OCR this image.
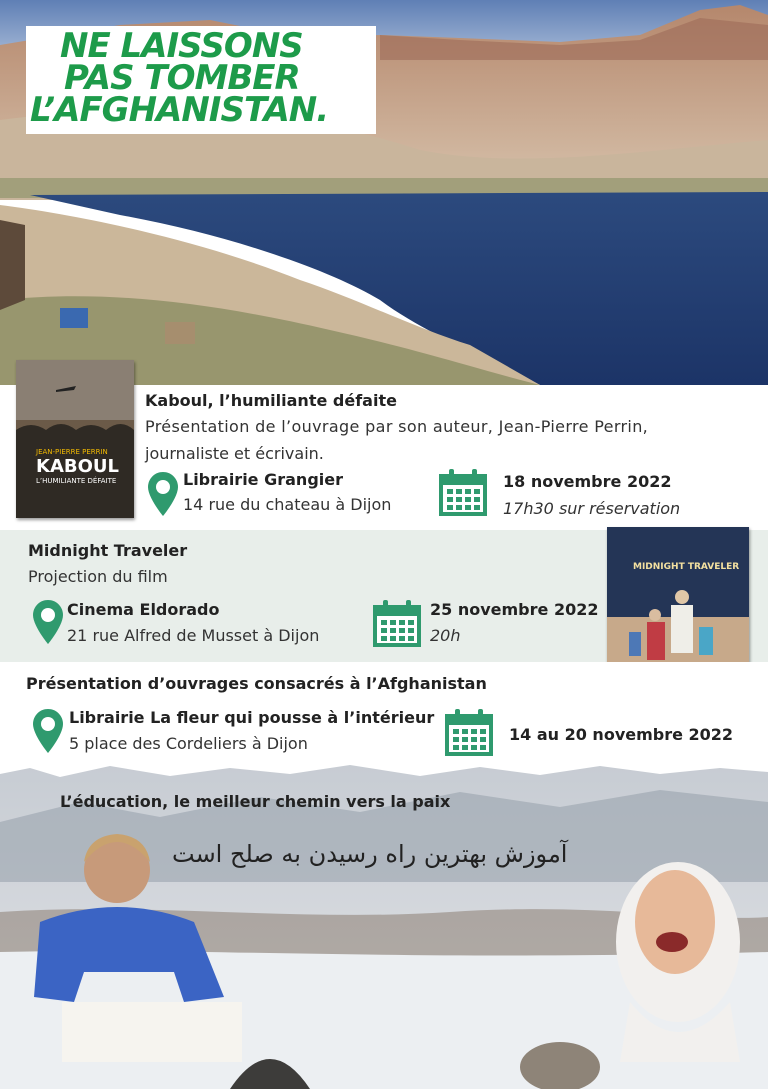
NE LAISSONS
PAS TOMBER
L’AFGHANISTAN.
JEAN-PIERRE PERRIN
KABOUL
L’HUMILIANTE DÉFAITE
Kaboul, l’humiliante défaite
Présentation de l’ouvrage par son auteur, Jean-Pierre Perrin,
journaliste et écrivain.
Librairie Grangier
14 rue du chateau à Dijon
18 novembre 2022
17h30 sur réservation
Midnight Traveler
Projection du film
Cinema Eldorado
21 rue Alfred de Musset à Dijon
25 novembre 2022
20h
MIDNIGHT TRAVELER
Présentation d’ouvrages consacrés à l’Afghanistan
Librairie La fleur qui pousse à l’intérieur
5 place des Cordeliers à Dijon	14 au 20 novembre 2022
L’éducation, le meilleur chemin vers la paix
آموزش بهترین راه رسیدن به صلح است
